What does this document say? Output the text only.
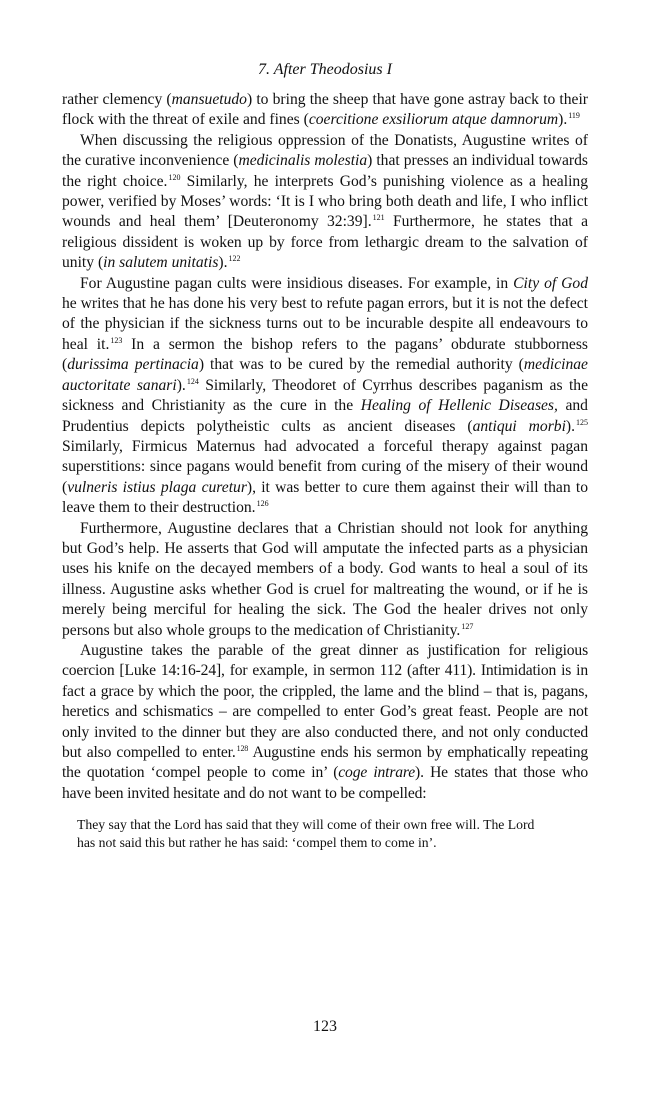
7. After Theodosius I

rather clemency (mansuetudo) to bring the sheep that have gone astray back to their flock with the threat of exile and fines (coercitione exsiliorum atque damnorum).$^{119}$

When discussing the religious oppression of the Donatists, Augustine writes of the curative inconvenience (medicinalis molestia) that presses an individual towards the right choice.$^{120}$ Similarly, he interprets God’s punishing violence as a healing power, verified by Moses’ words: ‘It is I who bring both death and life, I who inflict wounds and heal them’ [Deuteronomy 32:39].$^{121}$ Furthermore, he states that a religious dissident is woken up by force from lethargic dream to the salvation of unity (in salutem unitatis).$^{122}$

For Augustine pagan cults were insidious diseases. For example, in City of God he writes that he has done his very best to refute pagan errors, but it is not the defect of the physician if the sickness turns out to be incurable despite all endeavours to heal it.$^{123}$ In a sermon the bishop refers to the pagans’ obdurate stubborness (durissima pertinacia) that was to be cured by the remedial authority (medicinae auctoritate sanari).$^{124}$ Similarly, Theodoret of Cyrrhus describes paganism as the sickness and Christianity as the cure in the Healing of Hellenic Diseases, and Prudentius depicts polytheistic cults as ancient diseases (antiqui morbi).$^{125}$ Similarly, Firmicus Maternus had advocated a forceful therapy against pagan superstitions: since pagans would benefit from curing of the misery of their wound (vulneris istius plaga curetur), it was better to cure them against their will than to leave them to their destruction.$^{126}$

Furthermore, Augustine declares that a Christian should not look for anything but God’s help. He asserts that God will amputate the infected parts as a physician uses his knife on the decayed members of a body. God wants to heal a soul of its illness. Augustine asks whether God is cruel for maltreating the wound, or if he is merely being merciful for healing the sick. The God the healer drives not only persons but also whole groups to the medication of Christianity.$^{127}$

Augustine takes the parable of the great dinner as justification for religious coercion [Luke 14:16-24], for example, in sermon 112 (after 411). Intimidation is in fact a grace by which the poor, the crippled, the lame and the blind – that is, pagans, heretics and schismatics – are compelled to enter God’s great feast. People are not only invited to the dinner but they are also conducted there, and not only conducted but also compelled to enter.$^{128}$ Augustine ends his sermon by emphatically repeating the quotation ‘compel people to come in’ (coge intrare). He states that those who have been invited hesitate and do not want to be compelled:

They say that the Lord has said that they will come of their own free will. The Lord has not said this but rather he has said: ‘compel them to come in’.

123
